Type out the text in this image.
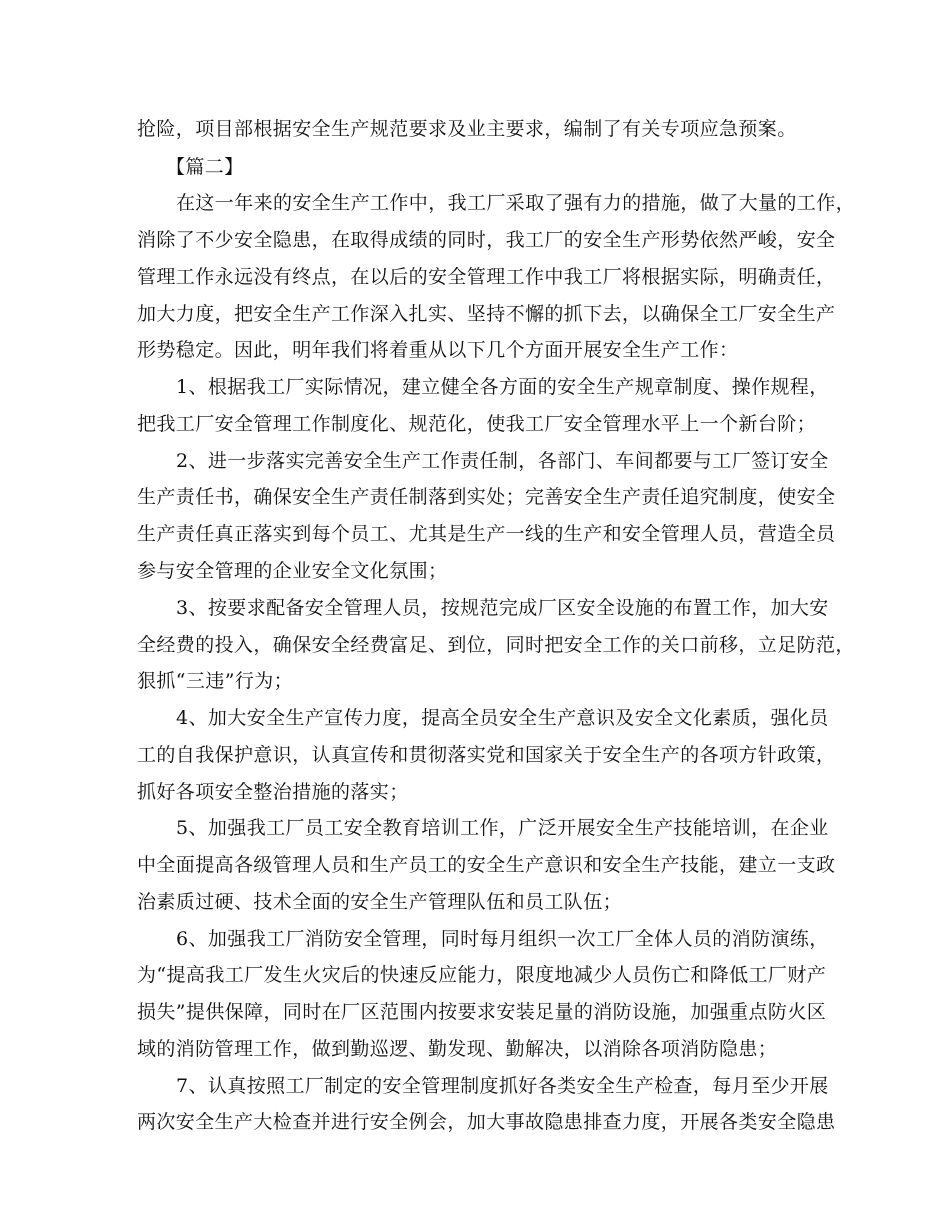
抢险，项目部根据安全生产规范要求及业主要求，编制了有关专项应急预案。
【篇二】
在这一年来的安全生产工作中，我工厂采取了强有力的措施，做了大量的工作，
消除了不少安全隐患，在取得成绩的同时，我工厂的安全生产形势依然严峻，安全
管理工作永远没有终点，在以后的安全管理工作中我工厂将根据实际，明确责任，
加大力度，把安全生产工作深入扎实、坚持不懈的抓下去，以确保全工厂安全生产
形势稳定。因此，明年我们将着重从以下几个方面开展安全生产工作：
1、根据我工厂实际情况，建立健全各方面的安全生产规章制度、操作规程，
把我工厂安全管理工作制度化、规范化，使我工厂安全管理水平上一个新台阶；
2、进一步落实完善安全生产工作责任制，各部门、车间都要与工厂签订安全
生产责任书，确保安全生产责任制落到实处；完善安全生产责任追究制度，使安全
生产责任真正落实到每个员工、尤其是生产一线的生产和安全管理人员，营造全员
参与安全管理的企业安全文化氛围；
3、按要求配备安全管理人员，按规范完成厂区安全设施的布置工作，加大安
全经费的投入，确保安全经费富足、到位，同时把安全工作的关口前移，立足防范，
狠抓“三违”行为；
4、加大安全生产宣传力度，提高全员安全生产意识及安全文化素质，强化员
工的自我保护意识，认真宣传和贯彻落实党和国家关于安全生产的各项方针政策，
抓好各项安全整治措施的落实；
5、加强我工厂员工安全教育培训工作，广泛开展安全生产技能培训，在企业
中全面提高各级管理人员和生产员工的安全生产意识和安全生产技能，建立一支政
治素质过硬、技术全面的安全生产管理队伍和员工队伍；
6、加强我工厂消防安全管理，同时每月组织一次工厂全体人员的消防演练，
为“提高我工厂发生火灾后的快速反应能力，限度地减少人员伤亡和降低工厂财产
损失”提供保障，同时在厂区范围内按要求安装足量的消防设施，加强重点防火区
域的消防管理工作，做到勤巡逻、勤发现、勤解决，以消除各项消防隐患；
7、认真按照工厂制定的安全管理制度抓好各类安全生产检查，每月至少开展
两次安全生产大检查并进行安全例会，加大事故隐患排查力度，开展各类安全隐患
